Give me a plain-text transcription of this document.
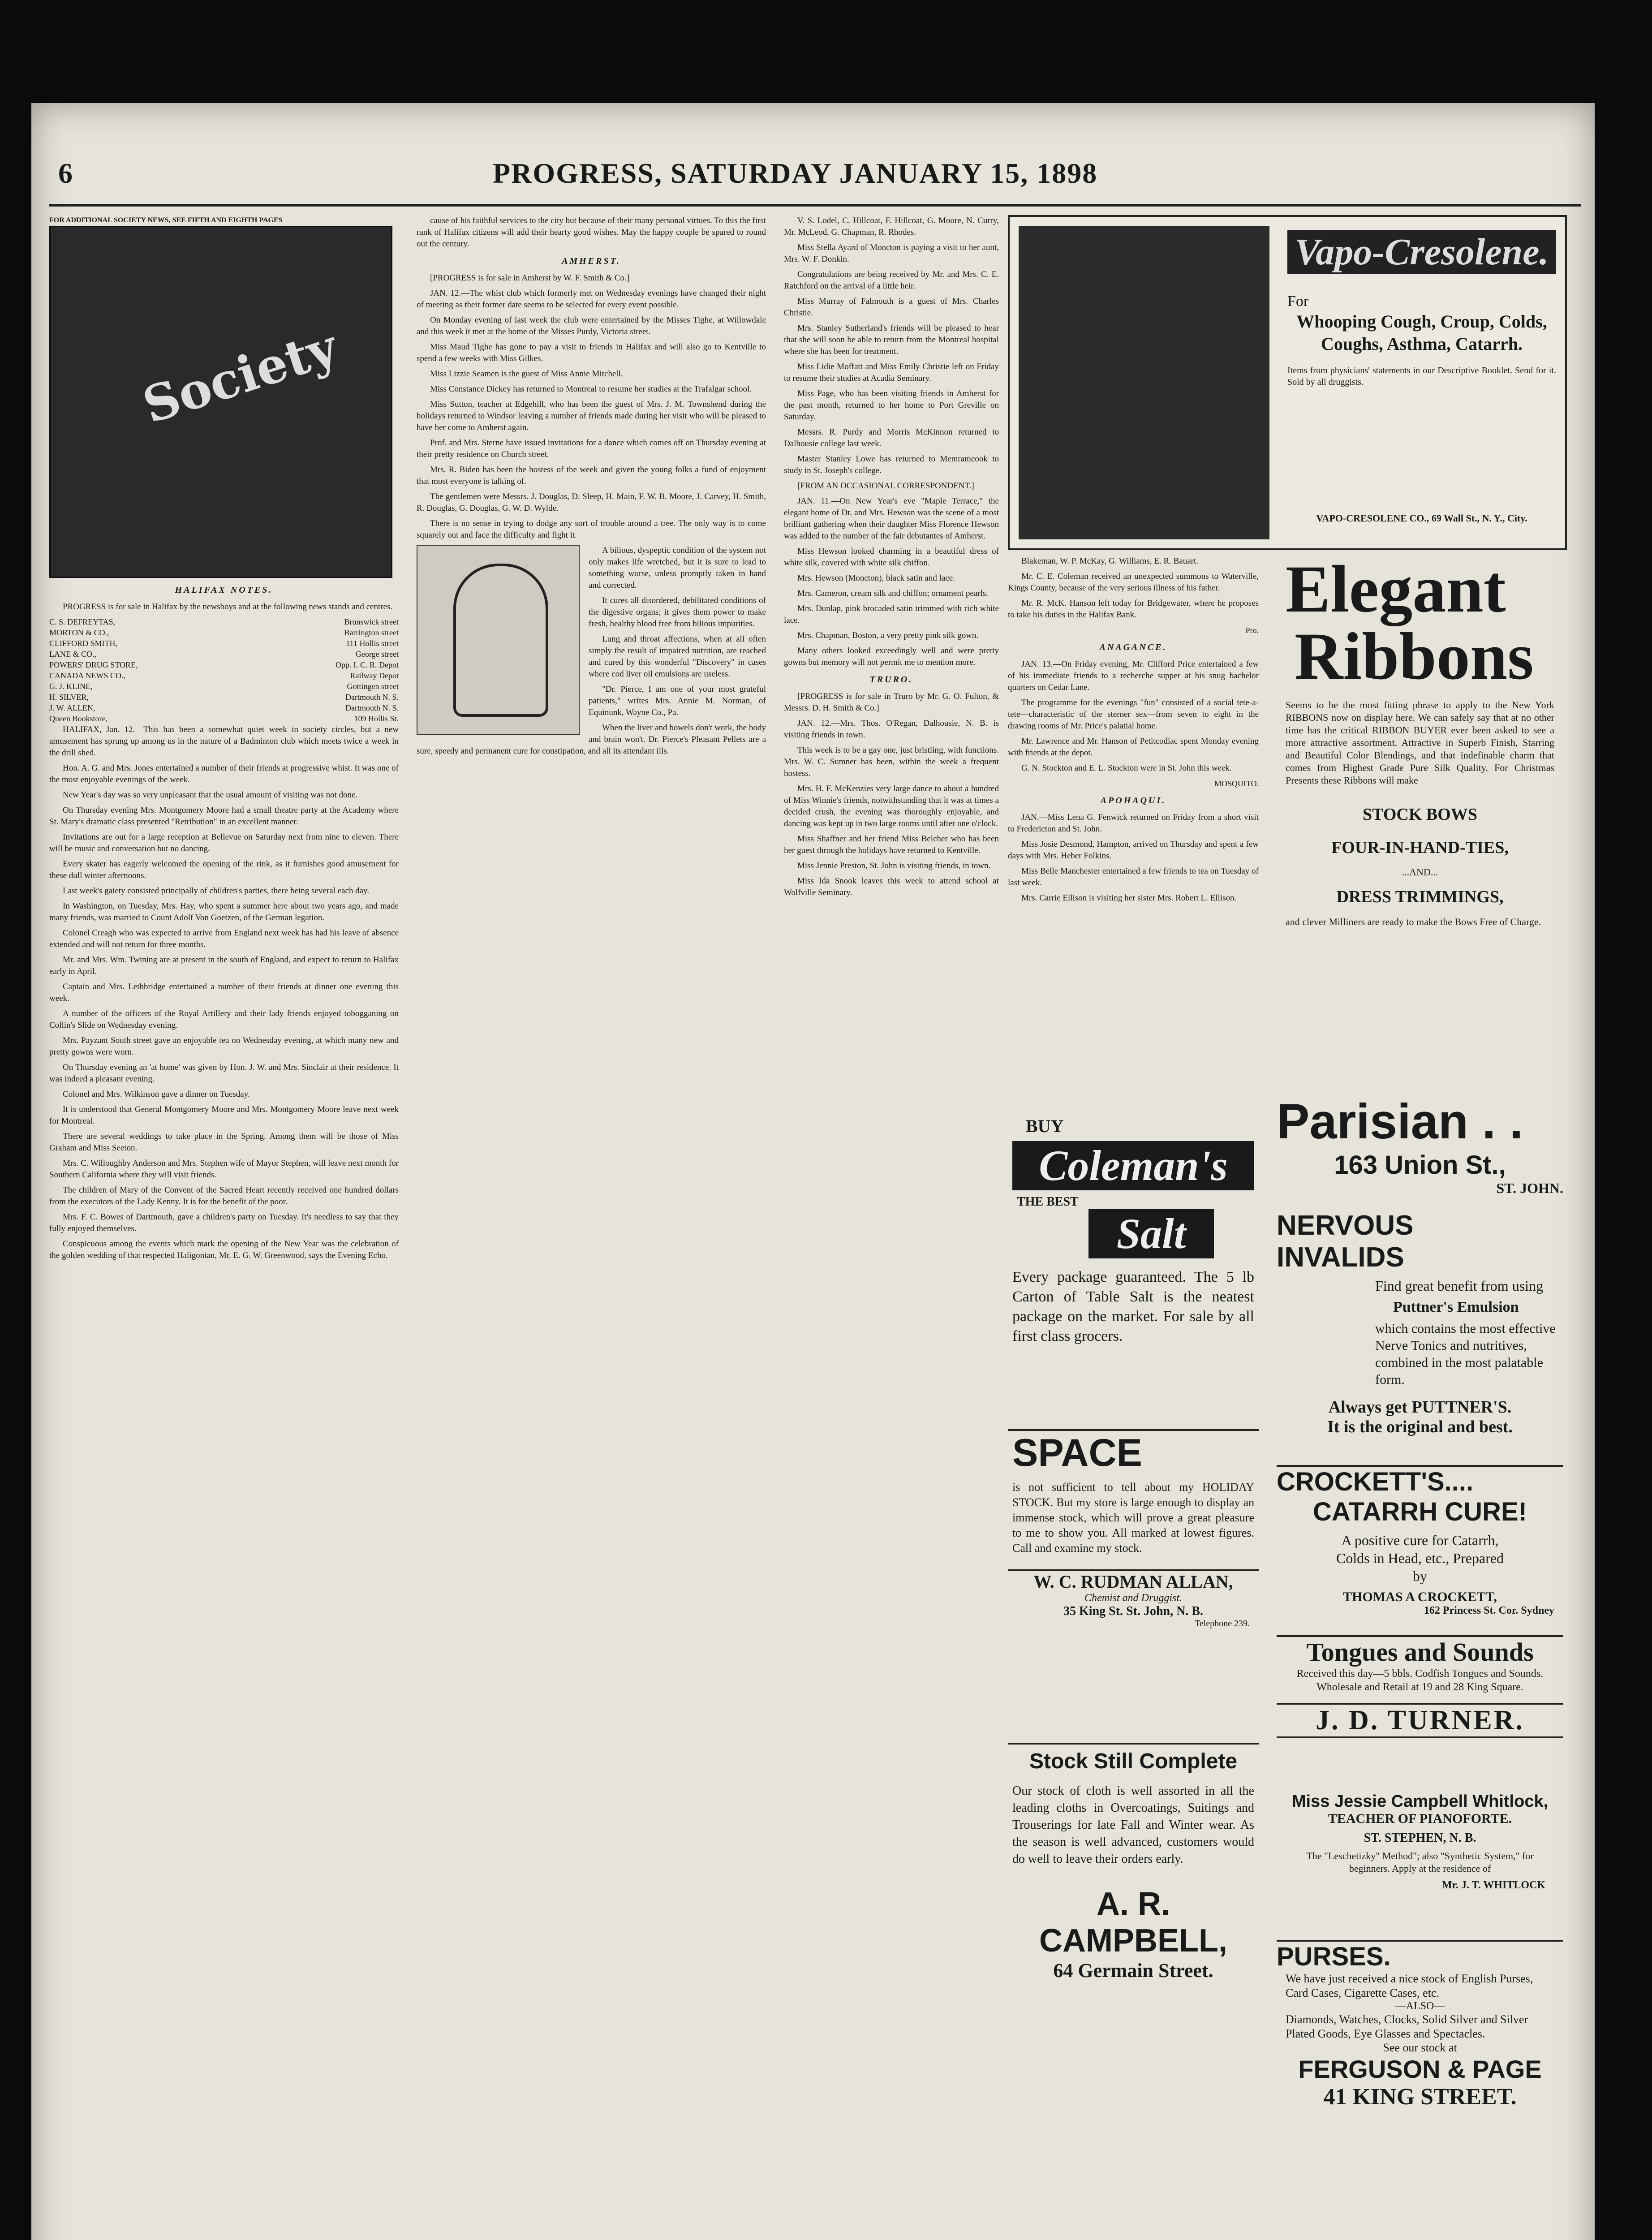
6	PROGRESS, SATURDAY JANUARY 15, 1898
FOR ADDITIONAL SOCIETY NEWS, SEE FIFTH AND EIGHTH PAGES
Society
HALIFAX NOTES.

PROGRESS is for sale in Halifax by the newsboys and at the following news stands and centres.

C. S. DEFREYTAS,	Brunswick street
MORTON & CO.,	Barrington street
CLIFFORD SMITH,	111 Hollis street
LANE & CO.,	George street
POWERS' DRUG STORE,	Opp. I. C. R. Depot
CANADA NEWS CO.,	Railway Depot
G. J. KLINE,	Gottingen street
H. SILVER,	Dartmouth N. S.
J. W. ALLEN,	Dartmouth N. S.
Queen Bookstore,	109 Hollis St.

HALIFAX, Jan. 12.—This has been a somewhat quiet week in society circles, but a new amusement has sprung up among us in the nature of a Badminton club which meets twice a week in the drill shed.

Hon. A. G. and Mrs. Jones entertained a number of their friends at progressive whist. It was one of the most enjoyable evenings of the week.

New Year's day was so very unpleasant that the usual amount of visiting was not done.

On Thursday evening Mrs. Montgomery Moore had a small theatre party at the Academy where St. Mary's dramatic class presented "Retribution" in an excellent manner.

Invitations are out for a large reception at Bellevue on Saturday next from nine to eleven. There will be music and conversation but no dancing.

Every skater has eagerly welcomed the opening of the rink, as it furnishes good amusement for these dull winter afternoons.

Last week's gaiety consisted principally of children's parties, there being several each day.

In Washington, on Tuesday, Mrs. Hay, who spent a summer here about two years ago, and made many friends, was married to Count Adolf Von Goetzen, of the German legation.

Colonel Creagh who was expected to arrive from England next week has had his leave of absence extended and will not return for three months.

Mr. and Mrs. Wm. Twining are at present in the south of England, and expect to return to Halifax early in April.

Captain and Mrs. Lethbridge entertained a number of their friends at dinner one evening this week.

A number of the officers of the Royal Artillery and their lady friends enjoyed tobogganing on Collin's Slide on Wednesday evening.

Mrs. Payzant South street gave an enjoyable tea on Wednesday evening, at which many new and pretty gowns were worn.

On Thursday evening an 'at home' was given by Hon. J. W. and Mrs. Sinclair at their residence. It was indeed a pleasant evening.

Colonel and Mrs. Wilkinson gave a dinner on Tuesday.

It is understood that General Montgomery Moore and Mrs. Montgomery Moore leave next week for Montreal.

There are several weddings to take place in the Spring. Among them will be those of Miss Graham and Miss Seeton.

Mrs. C. Willoughby Anderson and Mrs. Stephen wife of Mayor Stephen, will leave next month for Southern California where they will visit friends.

The children of Mary of the Convent of the Sacred Heart recently received one hundred dollars from the executors of the Lady Kenny. It is for the benefit of the poor.

Mrs. F. C. Bowes of Dartmouth, gave a children's party on Tuesday. It's needless to say that they fully enjoyed themselves.

Conspicuous among the events which mark the opening of the New Year was the celebration of the golden wedding of that respected Haligonian, Mr. E. G. W. Greenwood, says the Evening Echo.

cause of his faithful services to the city but because of their many personal virtues. To this the first rank of Halifax citizens will add their hearty good wishes. May the happy couple be spared to round out the century.

AMHERST.

[PROGRESS is for sale in Amherst by W. F. Smith & Co.]

JAN. 12.—The whist club which formerly met on Wednesday evenings have changed their night of meeting as their former date seems to be selected for every event possible.

On Monday evening of last week the club were entertained by the Misses Tighe, at Willowdale and this week it met at the home of the Misses Purdy, Victoria street.

Miss Maud Tighe has gone to pay a visit to friends in Halifax and will also go to Kentville to spend a few weeks with Miss Gilkes.

Miss Lizzie Seamen is the guest of Miss Annie Mitchell.

Miss Constance Dickey has returned to Montreal to resume her studies at the Trafalgar school.

Miss Sutton, teacher at Edgehill, who has been the guest of Mrs. J. M. Townshend during the holidays returned to Windsor leaving a number of friends made during her visit who will be pleased to have her come to Amherst again.

Prof. and Mrs. Sterne have issued invitations for a dance which comes off on Thursday evening at their pretty residence on Church street.

Mrs. R. Biden has been the hostess of the week and given the young folks a fund of enjoyment that most everyone is talking of.

The gentlemen were Messrs. J. Douglas, D. Sleep, H. Main, F. W. B. Moore, J. Carvey, H. Smith, R. Douglas, G. Douglas, G. W. D. Wylde.

There is no sense in trying to dodge any sort of trouble around a tree. The only way is to come squarely out and face the difficulty and fight it.

A bilious, dyspeptic condition of the system not only makes life wretched, but it is sure to lead to something worse, unless promptly taken in hand and corrected.

It cures all disordered, debilitated conditions of the digestive organs; it gives them power to make fresh, healthy blood free from bilious impurities.

Lung and throat affections, when at all often simply the result of impaired nutrition, are reached and cured by this wonderful "Discovery" in cases where cod liver oil emulsions are useless.

"Dr. Pierce, I am one of your most grateful patients," writes Mrs. Annie M. Norman, of Equinunk, Wayne Co., Pa.

When the liver and bowels don't work, the body and brain won't. Dr. Pierce's Pleasant Pellets are a sure, speedy and permanent cure for constipation, and all its attendant ills.

V. S. Lodel, C. Hillcoat, F. Hillcoat, G. Moore, N. Curry, Mr. McLeod, G. Chapman, R. Rhodes.

Miss Stella Ayard of Moncton is paying a visit to her aunt, Mrs. W. F. Donkin.

Congratulations are being received by Mr. and Mrs. C. E. Ratchford on the arrival of a little heir.

Miss Murray of Falmouth is a guest of Mrs. Charles Christie.

Mrs. Stanley Sutherland's friends will be pleased to hear that she will soon be able to return from the Montreal hospital where she has been for treatment.

Miss Lidie Moffatt and Miss Emily Christie left on Friday to resume their studies at Acadia Seminary.

Miss Page, who has been visiting friends in Amherst for the past month, returned to her home to Port Greville on Saturday.

Messrs. R. Purdy and Morris McKinnon returned to Dalhousie college last week.

Master Stanley Lowe has returned to Memramcook to study in St. Joseph's college.

[FROM AN OCCASIONAL CORRESPONDENT.]

JAN. 11.—On New Year's eve "Maple Terrace," the elegant home of Dr. and Mrs. Hewson was the scene of a most brilliant gathering when their daughter Miss Florence Hewson was added to the number of the fair debutantes of Amherst.

Miss Hewson looked charming in a beautiful dress of white silk, covered with white silk chiffon.

Mrs. Hewson (Moncton), black satin and lace.

Mrs. Cameron, cream silk and chiffon; ornament pearls.

Mrs. Dunlap, pink brocaded satin trimmed with rich white lace.

Mrs. Chapman, Boston, a very pretty pink silk gown.

Many others looked exceedingly well and were pretty gowns but memory will not permit me to mention more.

TRURO.

[PROGRESS is for sale in Truro by Mr. G. O. Fulton, & Messrs. D. H. Smith & Co.]

JAN. 12.—Mrs. Thos. O'Regan, Dalhousie, N. B. is visiting friends in town.

This week is to be a gay one, just bristling, with functions. Mrs. W. C. Sumner has been, within the week a frequent hostess.

Mrs. H. F. McKenzies very large dance to about a hundred of Miss Winnie's friends, notwithstanding that it was at times a decided crush, the evening was thoroughly enjoyable, and dancing was kept up in two large rooms until after one o'clock.

Miss Shaffner and her friend Miss Belcher who has been her guest through the holidays have returned to Kentville.

Miss Jennie Preston, St. John is visiting friends, in town.

Miss Ida Snook leaves this week to attend school at Wolfville Seminary.

Blakeman, W. P. McKay, G. Williams, E. R. Bauart.

Mr. C. E. Coleman received an unexpected summons to Waterville, Kings County, because of the very serious illness of his father.

Mr. R. McK. Hanson left today for Bridgewater, where he proposes to take his duties in the Halifax Bank.

Pro.
ANAGANCE.

JAN. 13.—On Friday evening, Mr. Clifford Price entertained a few of his immediate friends to a recherche supper at his snug bachelor quarters on Cedar Lane.

The programme for the evenings "fun" consisted of a social tete-a-tete—characteristic of the sterner sex—from seven to eight in the drawing rooms of Mr. Price's palatial home.

Mr. Lawrence and Mr. Hanson of Petitcodiac spent Monday evening with friends at the depot.

G. N. Stockton and E. L. Stockton were in St. John this week.

MOSQUITO.
APOHAQUI.

JAN.—Miss Lena G. Fenwick returned on Friday from a short visit to Fredericton and St. John.

Miss Josie Desmond, Hampton, arrived on Thursday and spent a few days with Mrs. Heber Folkins.

Miss Belle Manchester entertained a few friends to tea on Tuesday of last week.

Mrs. Carrie Ellison is visiting her sister Mrs. Robert L. Ellison.

Vapo-Cresolene.
For
Whooping Cough, Croup, Colds,
Coughs, Asthma, Catarrh.
Items from physicians' statements in our Descriptive Booklet. Send for it. Sold by all druggists.
VAPO-CRESOLENE CO., 69 Wall St., N. Y., City.
Elegant
Ribbons
Seems to be the most fitting phrase to apply to the New York RIBBONS now on display here. We can safely say that at no other time has the critical RIBBON BUYER ever been asked to see a more attractive assortment. Attractive in Superb Finish, Starring and Beautiful Color Blendings, and that indefinable charm that comes from Highest Grade Pure Silk Quality. For Christmas Presents these Ribbons will make
STOCK BOWS
FOUR-IN-HAND-TIES,
...AND...
DRESS TRIMMINGS,
and clever Milliners are ready to make the Bows Free of Charge.
Parisian . .
163 Union St.,
ST. JOHN.
NERVOUS
INVALIDS
Find great benefit from using
Puttner's Emulsion
which contains the most effective Nerve Tonics and nutritives, combined in the most palatable form.
Always get PUTTNER'S.
It is the original and best.
CROCKETT'S....
CATARRH CURE!
A positive cure for Catarrh, Colds in Head, etc., Prepared by
THOMAS A CROCKETT,
162 Princess St. Cor. Sydney
Tongues and Sounds
Received this day—5 bbls. Codfish Tongues and Sounds. Wholesale and Retail at 19 and 28 King Square.
J. D. TURNER.
Miss Jessie Campbell Whitlock,
TEACHER OF PIANOFORTE.
ST. STEPHEN, N. B.
The "Leschetizky" Method"; also "Synthetic System," for beginners. Apply at the residence of
Mr. J. T. WHITLOCK
PURSES.
We have just received a nice stock of English Purses, Card Cases, Cigarette Cases, etc.
—ALSO—
Diamonds, Watches, Clocks, Solid Silver and Silver Plated Goods, Eye Glasses and Spectacles.
See our stock at
FERGUSON & PAGE
41 KING STREET.
BUY
Coleman's
THE BEST
Salt
Every package guaranteed. The 5 lb Carton of Table Salt is the neatest package on the market. For sale by all first class grocers.
SPACE
is not sufficient to tell about my HOLIDAY STOCK. But my store is large enough to display an immense stock, which will prove a great pleasure to me to show you. All marked at lowest figures. Call and examine my stock.
W. C. RUDMAN ALLAN,
Chemist and Druggist.
35 King St. St. John, N. B.
Telephone 239.
Stock Still Complete
Our stock of cloth is well assorted in all the leading cloths in Overcoatings, Suitings and Trouserings for late Fall and Winter wear. As the season is well advanced, customers would do well to leave their orders early.
A. R. CAMPBELL,
64 Germain Street.
